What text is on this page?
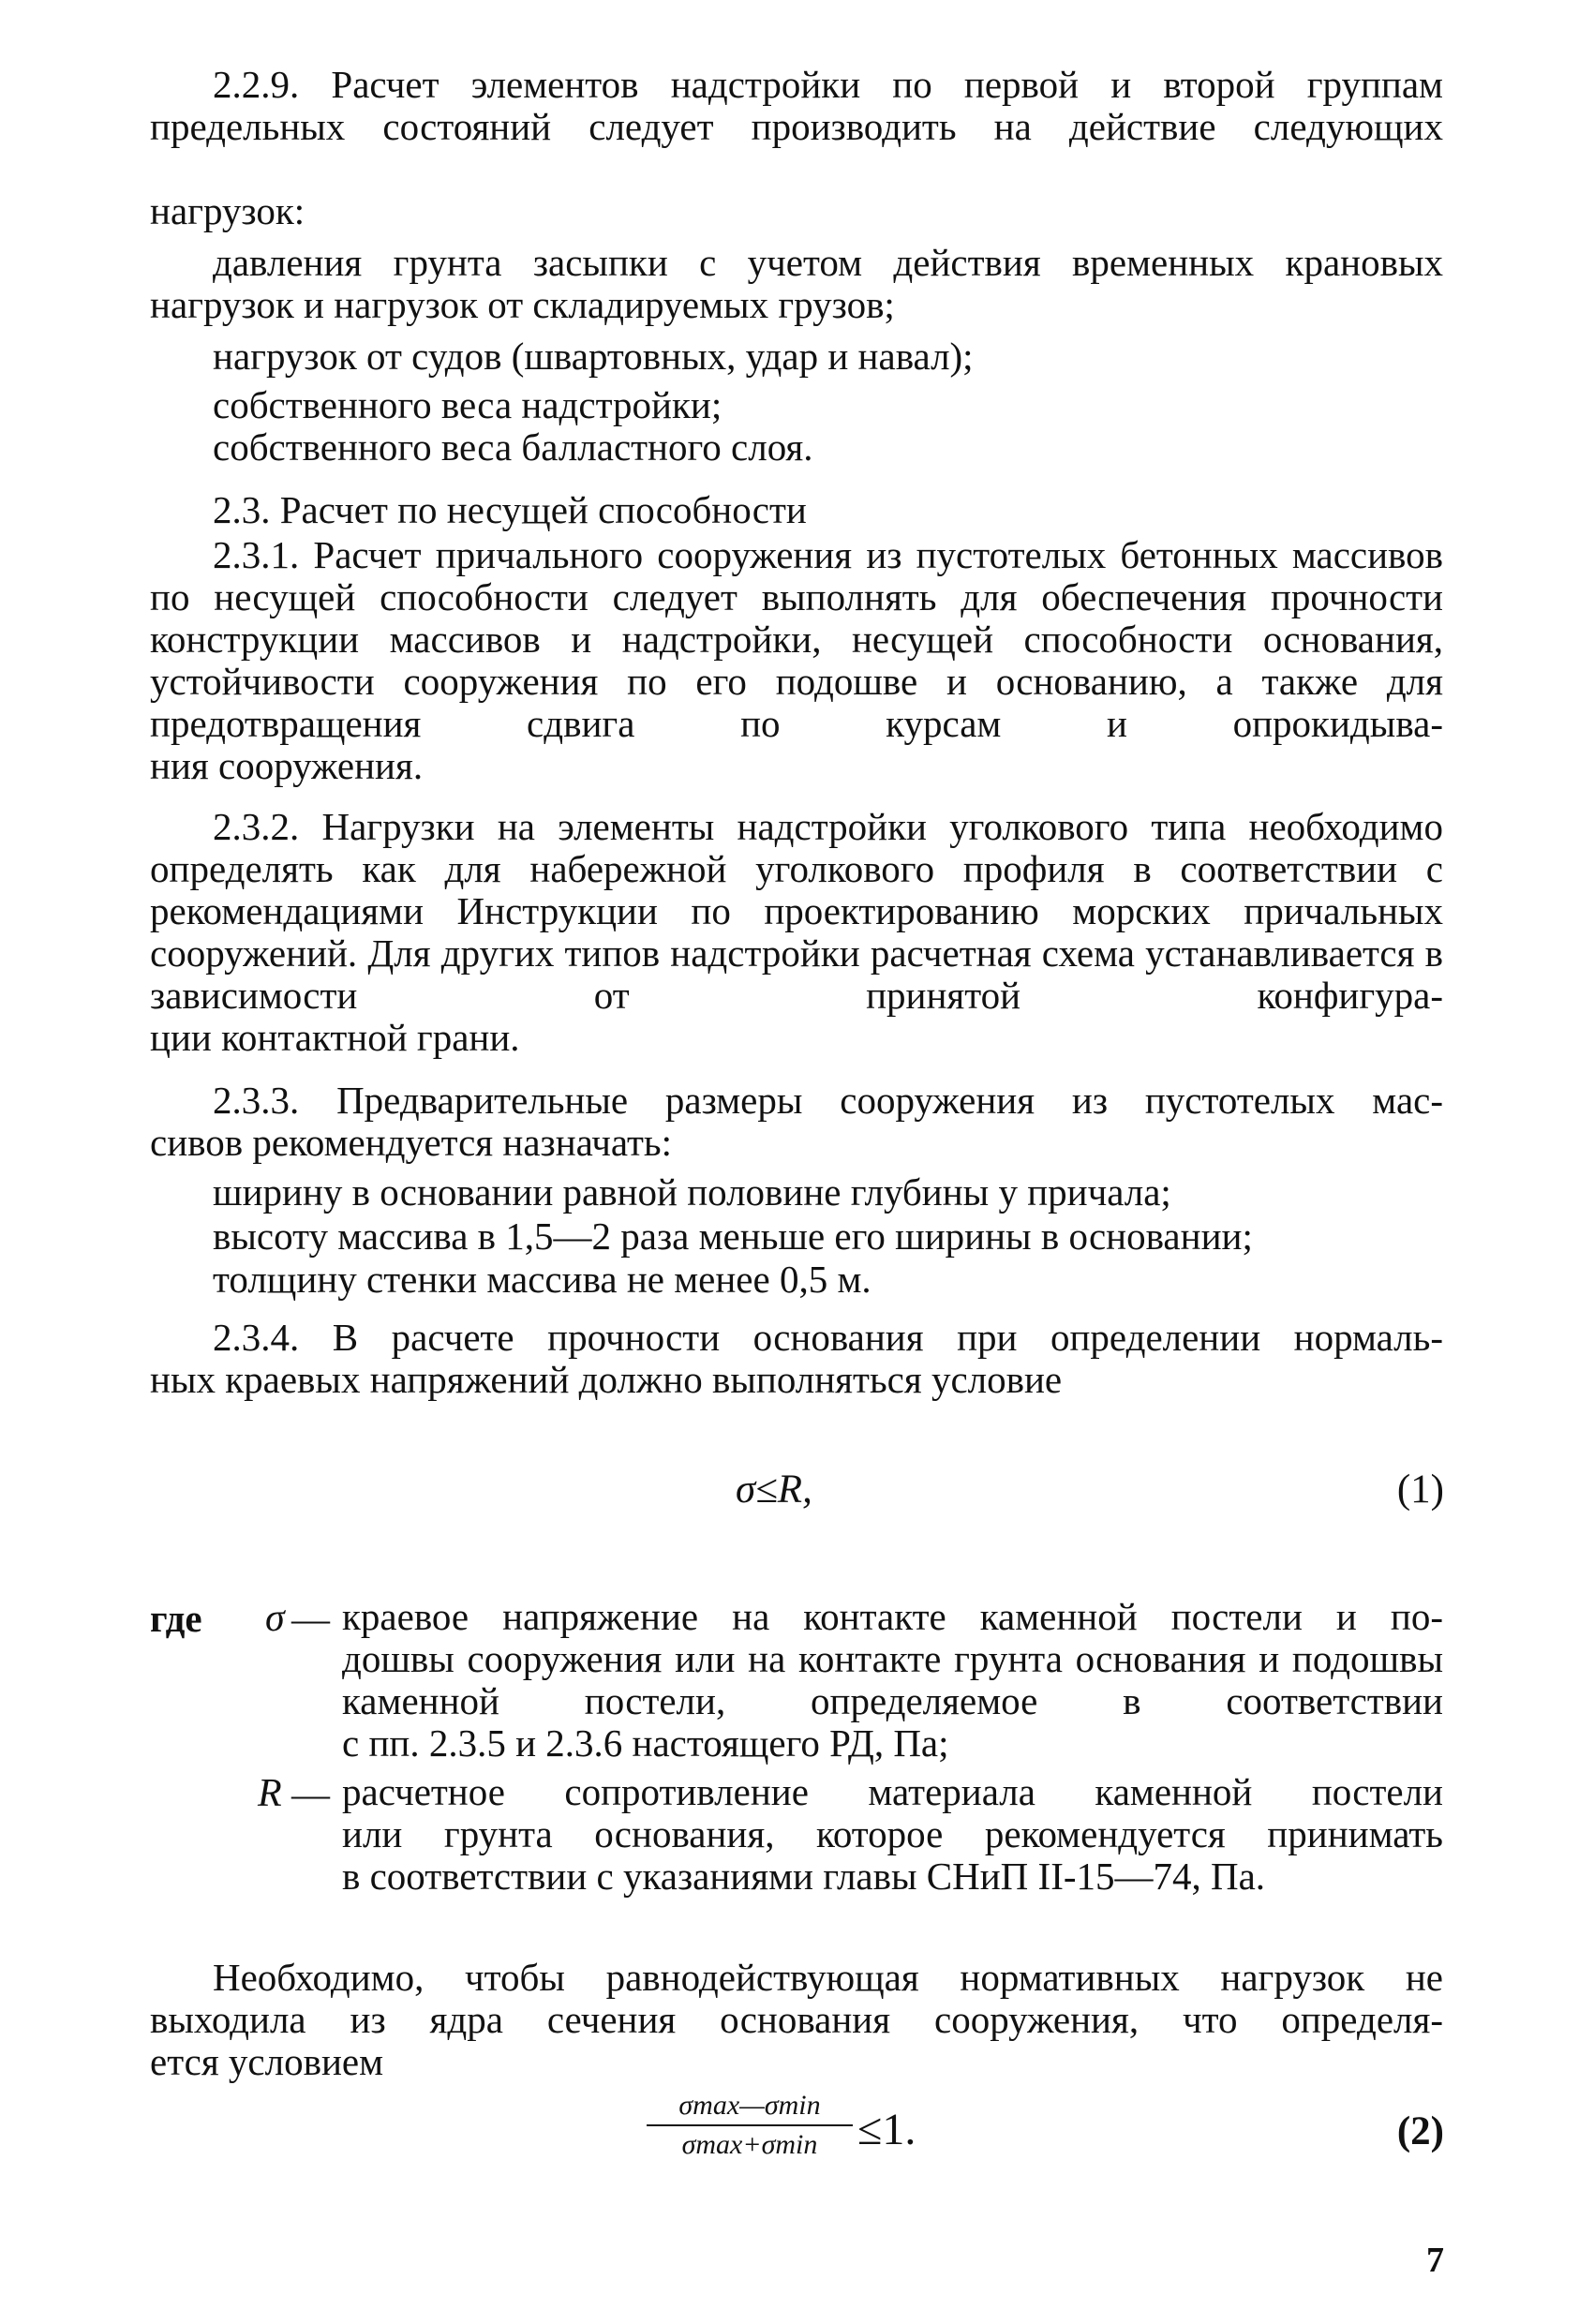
2.2.9. Расчет элементов надстройки по первой и второй группам предельных состояний следует производить на действие следующих
нагрузок:
давления грунта засыпки с учетом действия временных крановых
нагрузок и нагрузок от складируемых грузов;
нагрузок от судов (швартовных, удар и навал);
собственного веса надстройки;
собственного веса балластного слоя.
2.3. Расчет по несущей способности
2.3.1. Расчет причального сооружения из пустотелых бетонных массивов по несущей способности следует выполнять для обеспечения прочности конструкции массивов и надстройки, несущей способности основания, устойчивости сооружения по его подошве и основанию, а также для предотвращения сдвига по курсам и опрокидыва-
ния сооружения.
2.3.2. Нагрузки на элементы надстройки уголкового типа необходимо определять как для набережной уголкового профиля в соответствии с рекомендациями Инструкции по проектированию морских причальных сооружений. Для других типов надстройки расчетная схема устанавливается в зависимости от принятой конфигура-
ции контактной грани.
2.3.3. Предварительные размеры сооружения из пустотелых мас-
сивов рекомендуется назначать:
ширину в основании равной половине глубины у причала;
высоту массива в 1,5—2 раза меньше его ширины в основании;
толщину стенки массива не менее 0,5 м.
2.3.4. В расчете прочности основания при определении нормаль-
ных краевых напряжений должно выполняться условие
σ≤R,	(1)
где σ — краевое напряжение на контакте каменной постели и по-
дошвы сооружения или на контакте грунта основания и подошвы каменной постели, определяемое в соответствии
с пп. 2.3.5 и 2.3.6 настоящего РД, Па;
R — расчетное сопротивление материала каменной постели
или грунта основания, которое рекомендуется принимать
в соответствии с указаниями главы СНиП II-15—74, Па.
Необходимо, чтобы равнодействующая нормативных нагрузок не выходила из ядра сечения основания сооружения, что определя-
ется условием
σmax—σmin
σmax+σmin ≤1.	(2)
7
